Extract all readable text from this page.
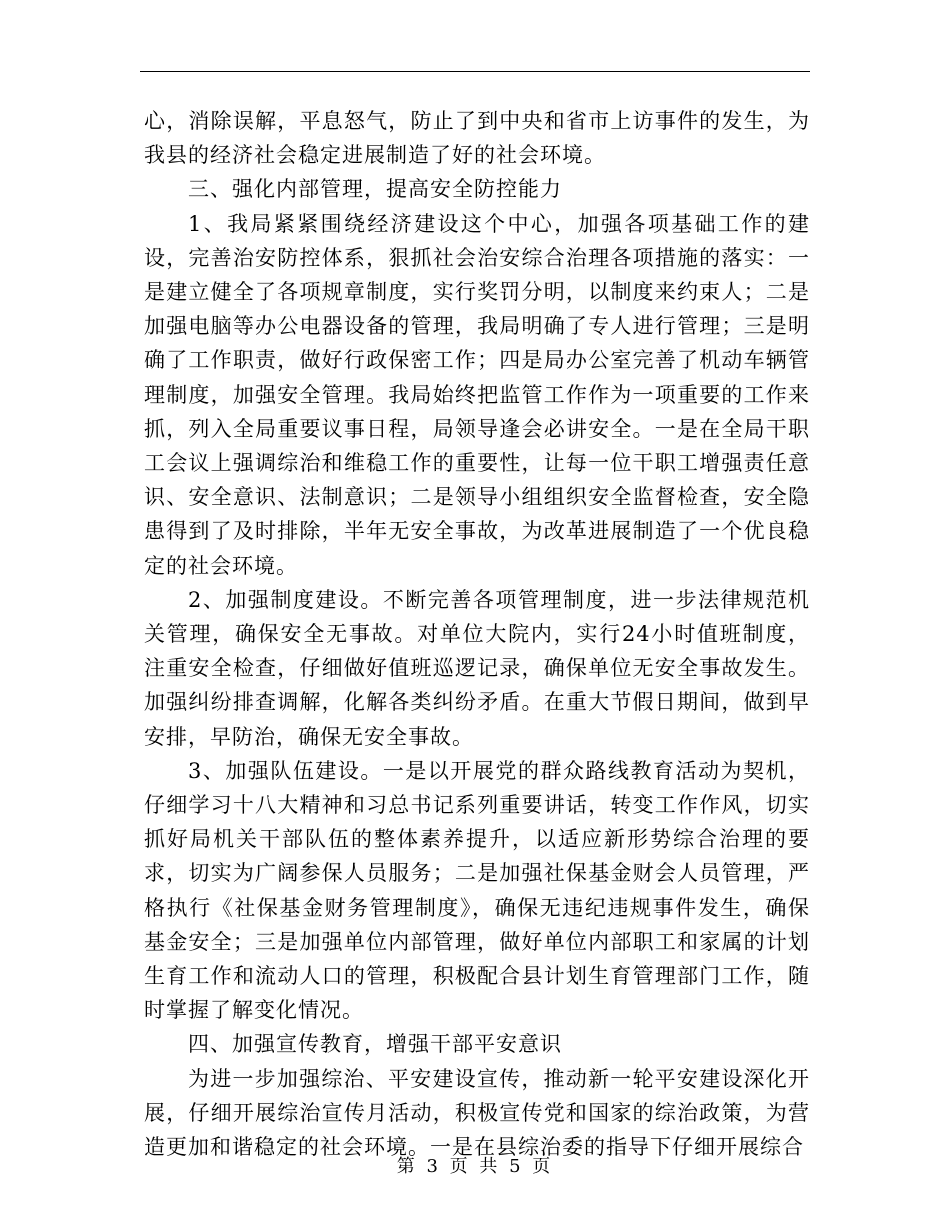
心，消除误解，平息怒气，防止了到中央和省市上访事件的发生，为我县的经济社会稳定进展制造了好的社会环境。

三、强化内部管理，提高安全防控能力

1、我局紧紧围绕经济建设这个中心，加强各项基础工作的建设，完善治安防控体系，狠抓社会治安综合治理各项措施的落实：一是建立健全了各项规章制度，实行奖罚分明，以制度来约束人；二是加强电脑等办公电器设备的管理，我局明确了专人进行管理；三是明确了工作职责，做好行政保密工作；四是局办公室完善了机动车辆管理制度，加强安全管理。我局始终把监管工作作为一项重要的工作来抓，列入全局重要议事日程，局领导逢会必讲安全。一是在全局干职工会议上强调综治和维稳工作的重要性，让每一位干职工增强责任意识、安全意识、法制意识；二是领导小组组织安全监督检查，安全隐患得到了及时排除，半年无安全事故，为改革进展制造了一个优良稳定的社会环境。

2、加强制度建设。不断完善各项管理制度，进一步法律规范机关管理，确保安全无事故。对单位大院内，实行24小时值班制度，注重安全检查，仔细做好值班巡逻记录，确保单位无安全事故发生。加强纠纷排查调解，化解各类纠纷矛盾。在重大节假日期间，做到早安排，早防治，确保无安全事故。

3、加强队伍建设。一是以开展党的群众路线教育活动为契机，仔细学习十八大精神和习总书记系列重要讲话，转变工作作风，切实抓好局机关干部队伍的整体素养提升，以适应新形势综合治理的要求，切实为广阔参保人员服务；二是加强社保基金财会人员管理，严格执行《社保基金财务管理制度》，确保无违纪违规事件发生，确保基金安全；三是加强单位内部管理，做好单位内部职工和家属的计划生育工作和流动人口的管理，积极配合县计划生育管理部门工作，随时掌握了解变化情况。

四、加强宣传教育，增强干部平安意识

为进一步加强综治、平安建设宣传，推动新一轮平安建设深化开展，仔细开展综治宣传月活动，积极宣传党和国家的综治政策，为营造更加和谐稳定的社会环境。一是在县综治委的指导下仔细开展综合

第 3 页 共 5 页
